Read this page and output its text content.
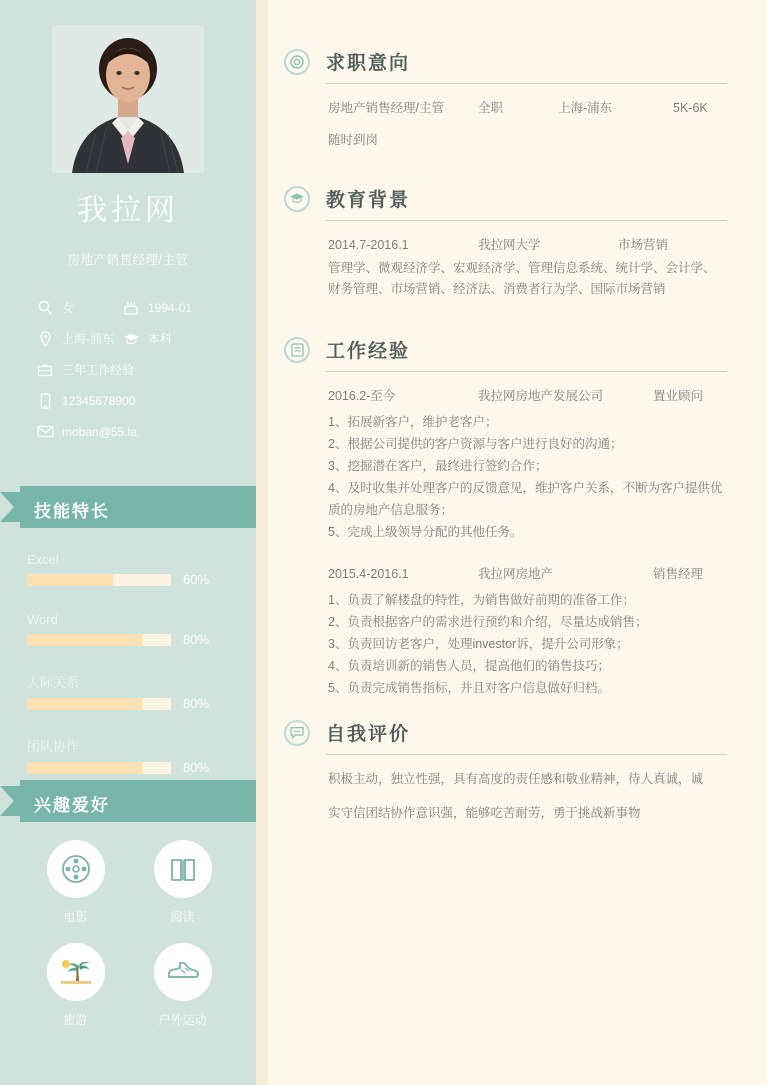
我拉网
房地产销售经理/主管
女	1994-01
上海-浦东	本科
三年工作经验
12345678900
moban@55.la
技能特长
Excel
60%
Word
80%
人际关系
80%
团队协作
80%
兴趣爱好
电影	阅读
旅游	户外运动
求职意向
房地产销售经理/主管	全职	上海-浦东	5K-6K
随时到岗
教育背景
2014.7-2016.1	我拉网大学	市场营销
管理学、微观经济学、宏观经济学、管理信息系统、统计学、会计学、财务管理、市场营销、经济法、消费者行为学、国际市场营销
工作经验
2016.2-至今	我拉网房地产发展公司	置业顾问
1、拓展新客户，维护老客户；
2、根据公司提供的客户资源与客户进行良好的沟通；
3、挖掘潜在客户，最终进行签约合作；
4、及时收集并处理客户的反馈意见，维护客户关系，不断为客户提供优质的房地产信息服务；
5、完成上级领导分配的其他任务。
2015.4-2016.1	我拉网房地产	销售经理
1、负责了解楼盘的特性，为销售做好前期的准备工作；
2、负责根据客户的需求进行预约和介绍，尽量达成销售；
3、负责回访老客户，处理investor诉，提升公司形象；
4、负责培训新的销售人员，提高他们的销售技巧；
5、负责完成销售指标，并且对客户信息做好归档。
自我评价

积极主动，独立性强，具有高度的责任感和敬业精神，待人真诚，诚

实守信团结协作意识强，能够吃苦耐劳，勇于挑战新事物
